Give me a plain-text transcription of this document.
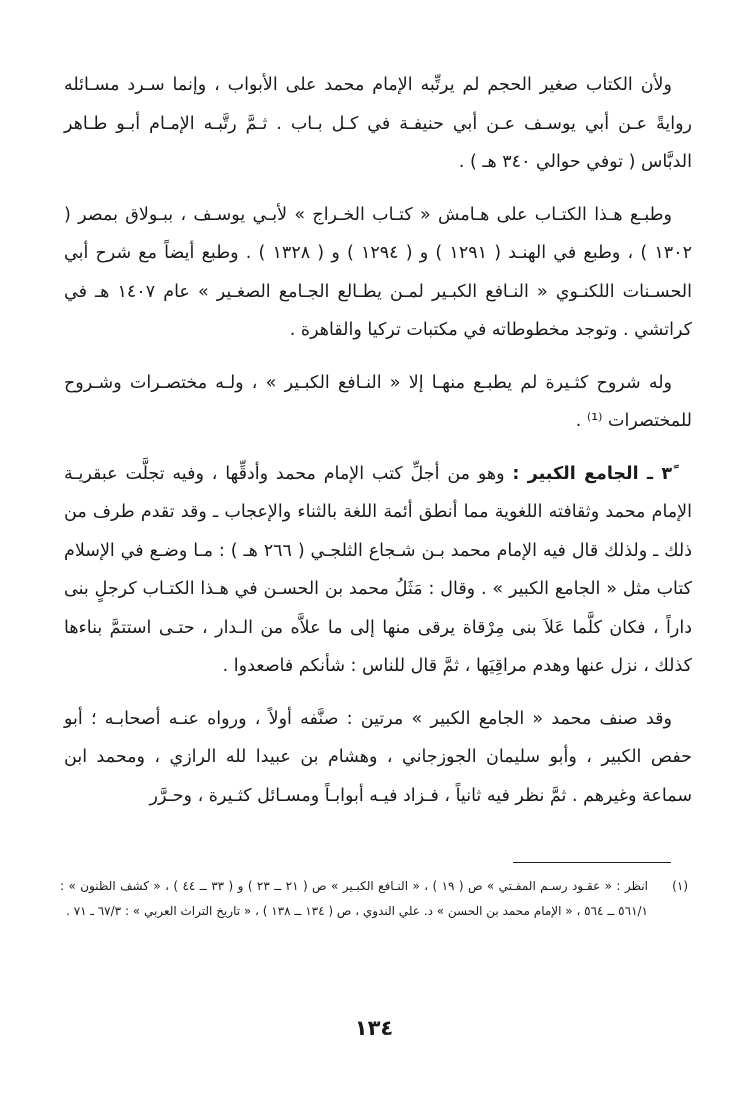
ولأن الكتاب صغير الحجم لم يرتِّبه الإمام محمد على الأبواب ، وإنما سـرد مسـائله روايةً عـن أبي يوسـف عـن أبي حنيفـة في كـل بـاب . ثـمَّ رتَّبـه الإمـام أبـو طـاهر الدبَّاس ( توفي حوالي ٣٤٠ هـ ) .

وطبـع هـذا الكتـاب على هـامش « كتـاب الخـراج » لأبـي يوسـف ، ببـولاق بمصر ( ١٣٠٢ ) ، وطبع في الهنـد ( ١٢٩١ ) و ( ١٢٩٤ ) و ( ١٣٢٨ ) . وطبع أيضاً مع شرح أبي الحسـنات اللكنـوي « النـافع الكبـير لمـن يطـالع الجـامع الصغـير » عام ١٤٠٧ هـ في كراتشي . وتوجد مخطوطاته في مكتبات تركيا والقاهرة .

وله شروح كثـيرة لم يطبـع منهـا إلا « النـافع الكبـير » ، ولـه مختصـرات وشـروح للمختصرات ⁽¹⁾ .

٣ً ـ الجامع الكبير : وهو من أجلِّ كتب الإمام محمد وأدقِّها ، وفيه تجلَّت عبقريـة الإمام محمد وثقافته اللغوية مما أنطق أئمة اللغة بالثناء والإعجاب ـ وقد تقدم طرف من ذلك ـ ولذلك قال فيه الإمام محمد بـن شـجاع الثلجـي ( ٢٦٦ هـ ) : مـا وضـع في الإسلام كتاب مثل « الجامع الكبير » . وقال : مَثَلُ محمد بن الحسـن في هـذا الكتـاب كرجلٍ بنى داراً ، فكان كلَّما عَلاَ بنى مِرْقاة يرقى منها إلى ما علاَّه من الـدار ، حتـى استتمَّ بناءها كذلك ، نزل عنها وهدم مراقِيَها ، ثمَّ قال للناس : شأنكم فاصعدوا .

وقد صنف محمد « الجامع الكبير » مرتين : صنَّفه أولاً ، ورواه عنـه أصحابـه ؛ أبو حفص الكبير ، وأبو سليمان الجوزجاني ، وهشام بن عبيدا لله الرازي ، ومحمد ابن سماعة وغيرهم . ثمَّ نظر فيه ثانياً ، فـزاد فيـه أبوابـاً ومسـائل كثـيرة ، وحـرَّر

(١)
انظر : « عقـود رسـم المفـتي » ص ( ١٩ ) ، « النـافع الكبـير » ص ( ٢١ ــ ٢٣ ) و ( ٣٣ ــ ٤٤ ) ، « كشف الظنون » : ٥٦١/١ ــ ٥٦٤ ، « الإمام محمد بن الحسن » د. علي الندوي ، ص ( ١٣٤ ــ ١٣٨ ) ، « تاريخ التراث العربي » : ٦٧/٣ ـ ٧١ .
١٣٤
